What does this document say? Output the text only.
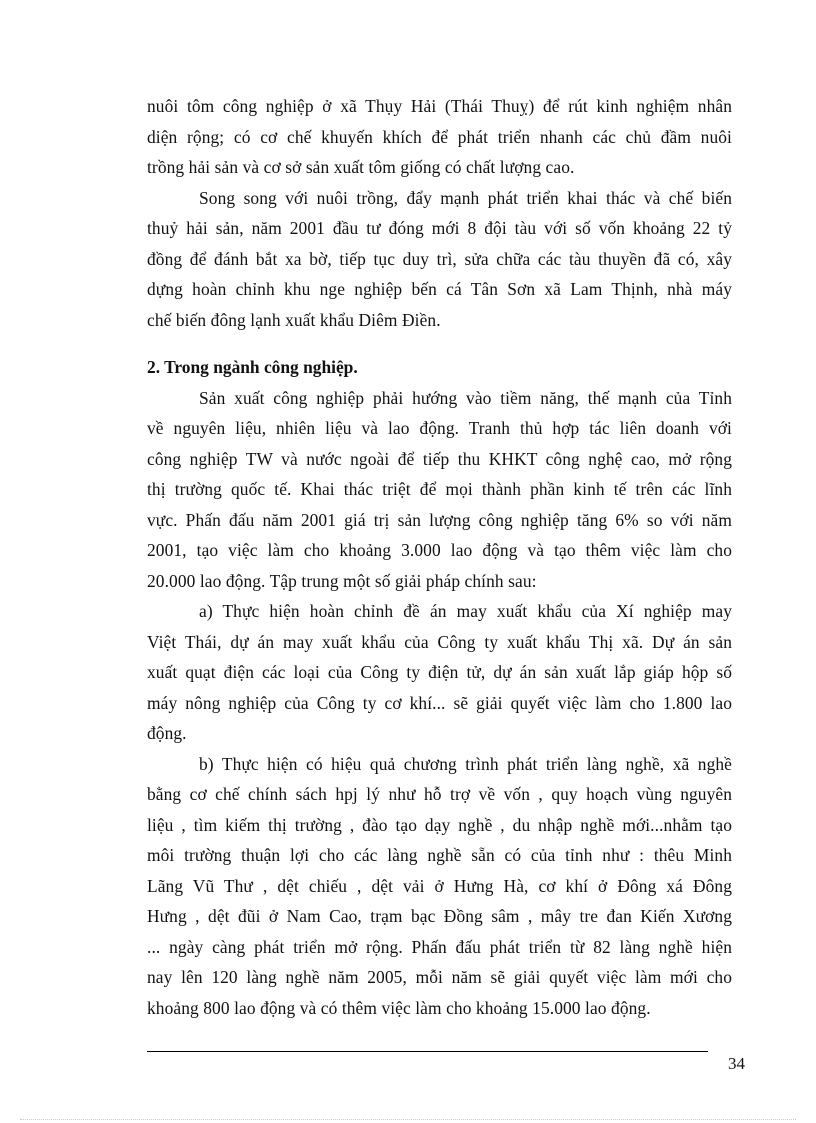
nuôi tôm công nghiệp ở xã Thụy Hải (Thái Thuỵ) để rút kinh nghiệm nhân
diện rộng; có cơ chế khuyến khích để phát triển nhanh các chủ đầm nuôi
trồng hải sản và cơ sở sản xuất tôm giống có chất lượng cao.
Song song với nuôi trồng, đẩy mạnh phát triển khai thác và chế biến
thuỷ hải sản, năm 2001 đầu tư đóng mới 8 đội tàu với số vốn khoảng 22 tỷ
đồng để đánh bắt xa bờ, tiếp tục duy trì, sửa chữa các tàu thuyền đã có, xây
dựng hoàn chỉnh khu nge nghiệp bến cá Tân Sơn xã Lam Thịnh, nhà máy
chế biến đông lạnh xuất khẩu Diêm Điền.
2. Trong ngành công nghiệp.
Sản xuất công nghiệp phải hướng vào tiềm năng, thế mạnh của Tỉnh
về nguyên liệu, nhiên liệu và lao động. Tranh thủ hợp tác liên doanh với
công nghiệp TW và nước ngoài để tiếp thu KHKT công nghệ cao, mở rộng
thị trường quốc tế. Khai thác triệt để mọi thành phần kinh tế trên các lĩnh
vực. Phấn đấu năm 2001 giá trị sản lượng công nghiệp tăng 6% so với năm
2001, tạo việc làm cho khoảng 3.000 lao động và tạo thêm việc làm cho
20.000 lao động. Tập trung một số giải pháp chính sau:
a) Thực hiện hoàn chỉnh đề án may xuất khẩu của Xí nghiệp may
Việt Thái, dự án may xuất khẩu của Công ty xuất khẩu Thị xã. Dự án sản
xuất quạt điện các loại của Công ty điện tử, dự án sản xuất lắp giáp hộp số
máy nông nghiệp của Công ty cơ khí... sẽ giải quyết việc làm cho 1.800 lao
động.
b) Thực hiện có hiệu quả chương trình phát triển làng nghề, xã nghề
bằng cơ chế chính sách hpj lý như hỗ trợ về vốn , quy hoạch vùng nguyên
liệu , tìm kiếm thị trường , đào tạo dạy nghề , du nhập nghề mới...nhằm tạo
môi trường thuận lợi cho các làng nghề sẵn có của tỉnh như : thêu Minh
Lãng Vũ Thư , dệt chiếu , dệt vải ở Hưng Hà, cơ khí ở Đông xá Đông
Hưng , dệt đũi ở Nam Cao, trạm bạc Đồng sâm , mây tre đan Kiến Xương
... ngày càng phát triển mở rộng. Phấn đấu phát triển từ 82 làng nghề hiện
nay lên 120 làng nghề năm 2005, mỗi năm sẽ giải quyết việc làm mới cho
khoảng 800 lao động và có thêm việc làm cho khoảng 15.000 lao động.
34
